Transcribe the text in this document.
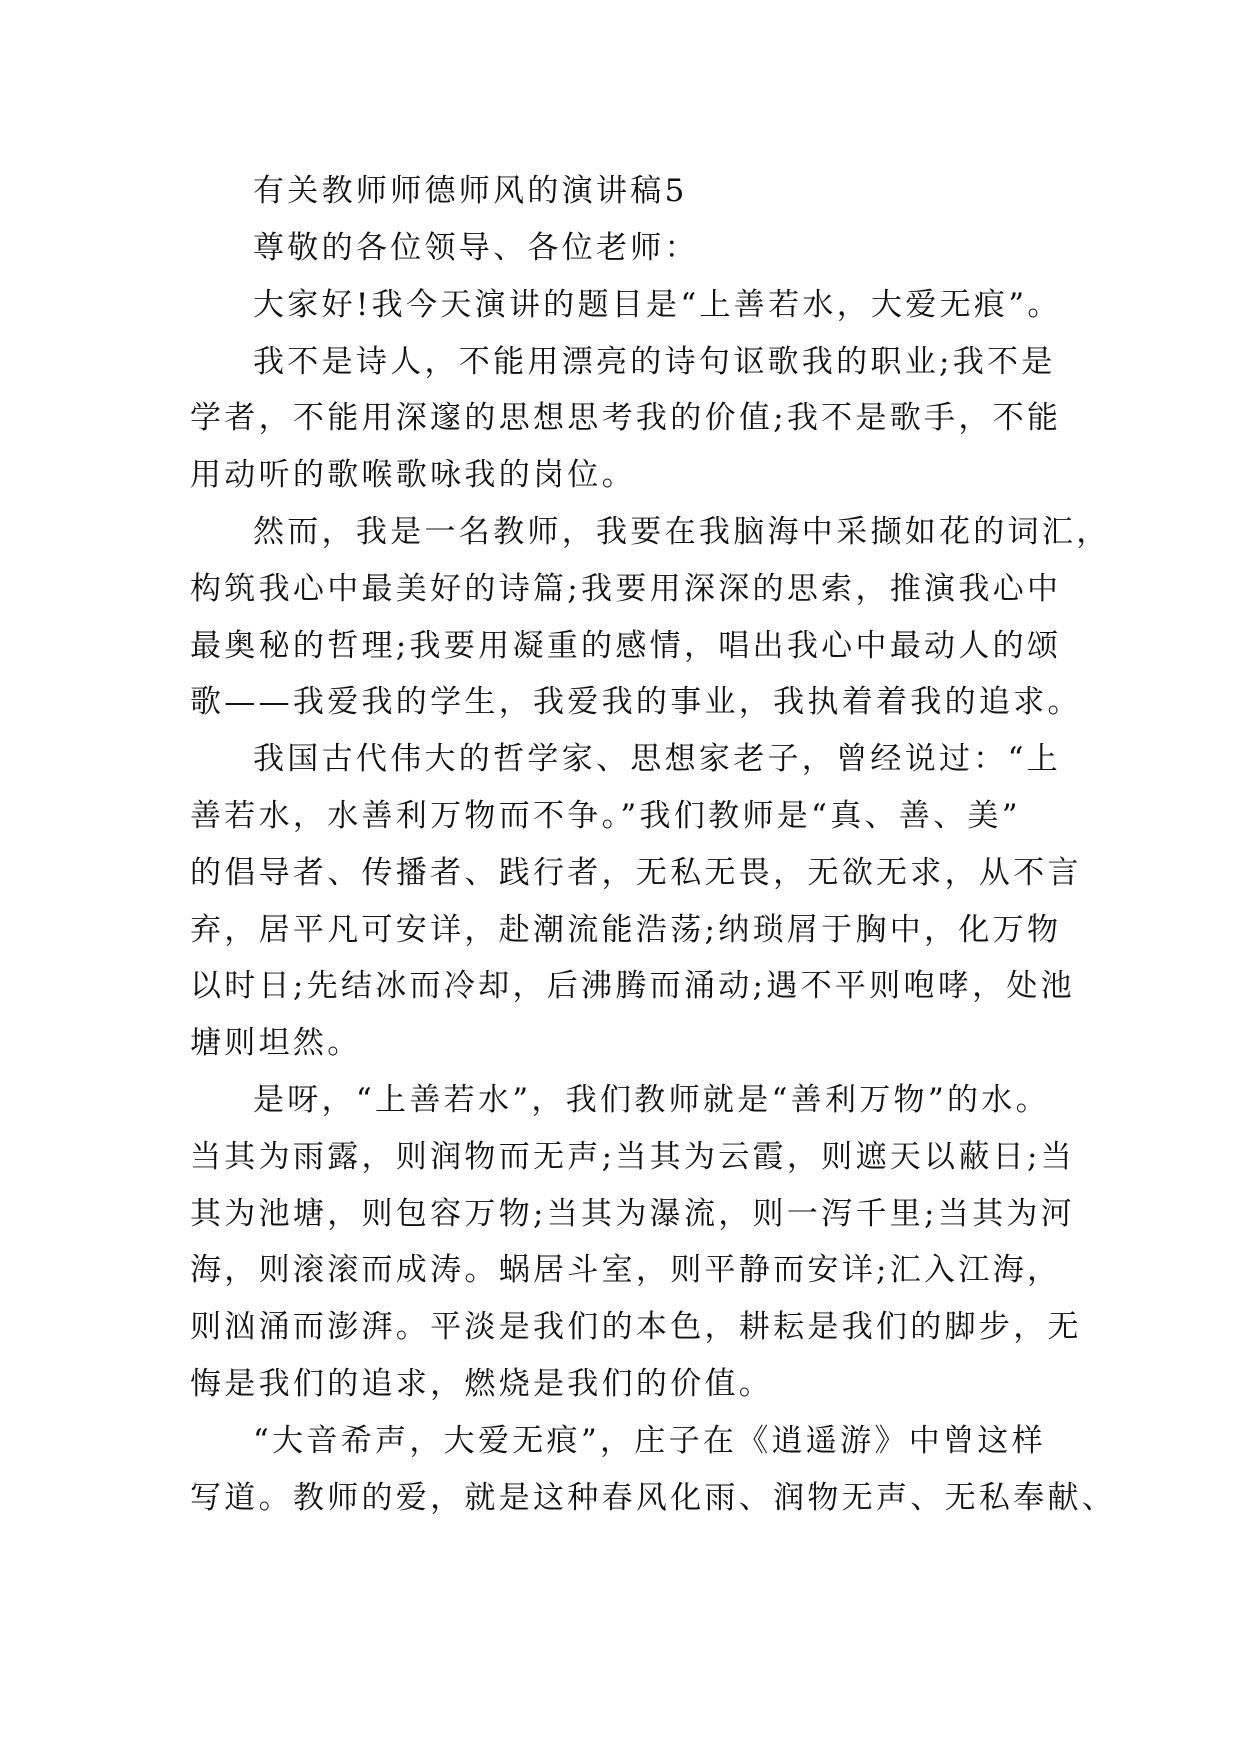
有关教师师德师风的演讲稿5
尊敬的各位领导、各位老师：
大家好!我今天演讲的题目是“上善若水，大爱无痕”。
我不是诗人，不能用漂亮的诗句讴歌我的职业;我不是
学者，不能用深邃的思想思考我的价值;我不是歌手，不能
用动听的歌喉歌咏我的岗位。
然而，我是一名教师，我要在我脑海中采撷如花的词汇，
构筑我心中最美好的诗篇;我要用深深的思索，推演我心中
最奥秘的哲理;我要用凝重的感情，唱出我心中最动人的颂
歌——我爱我的学生，我爱我的事业，我执着着我的追求。
我国古代伟大的哲学家、思想家老子，曾经说过：“上
善若水，水善利万物而不争。”我们教师是“真、善、美”
的倡导者、传播者、践行者，无私无畏，无欲无求，从不言
弃，居平凡可安详，赴潮流能浩荡;纳琐屑于胸中，化万物
以时日;先结冰而冷却，后沸腾而涌动;遇不平则咆哮，处池
塘则坦然。
是呀，“上善若水”，我们教师就是“善利万物”的水。
当其为雨露，则润物而无声;当其为云霞，则遮天以蔽日;当
其为池塘，则包容万物;当其为瀑流，则一泻千里;当其为河
海，则滚滚而成涛。蜗居斗室，则平静而安详;汇入江海，
则汹涌而澎湃。平淡是我们的本色，耕耘是我们的脚步，无
悔是我们的追求，燃烧是我们的价值。
“大音希声，大爱无痕”，庄子在《逍遥游》中曾这样
写道。教师的爱，就是这种春风化雨、润物无声、无私奉献、
